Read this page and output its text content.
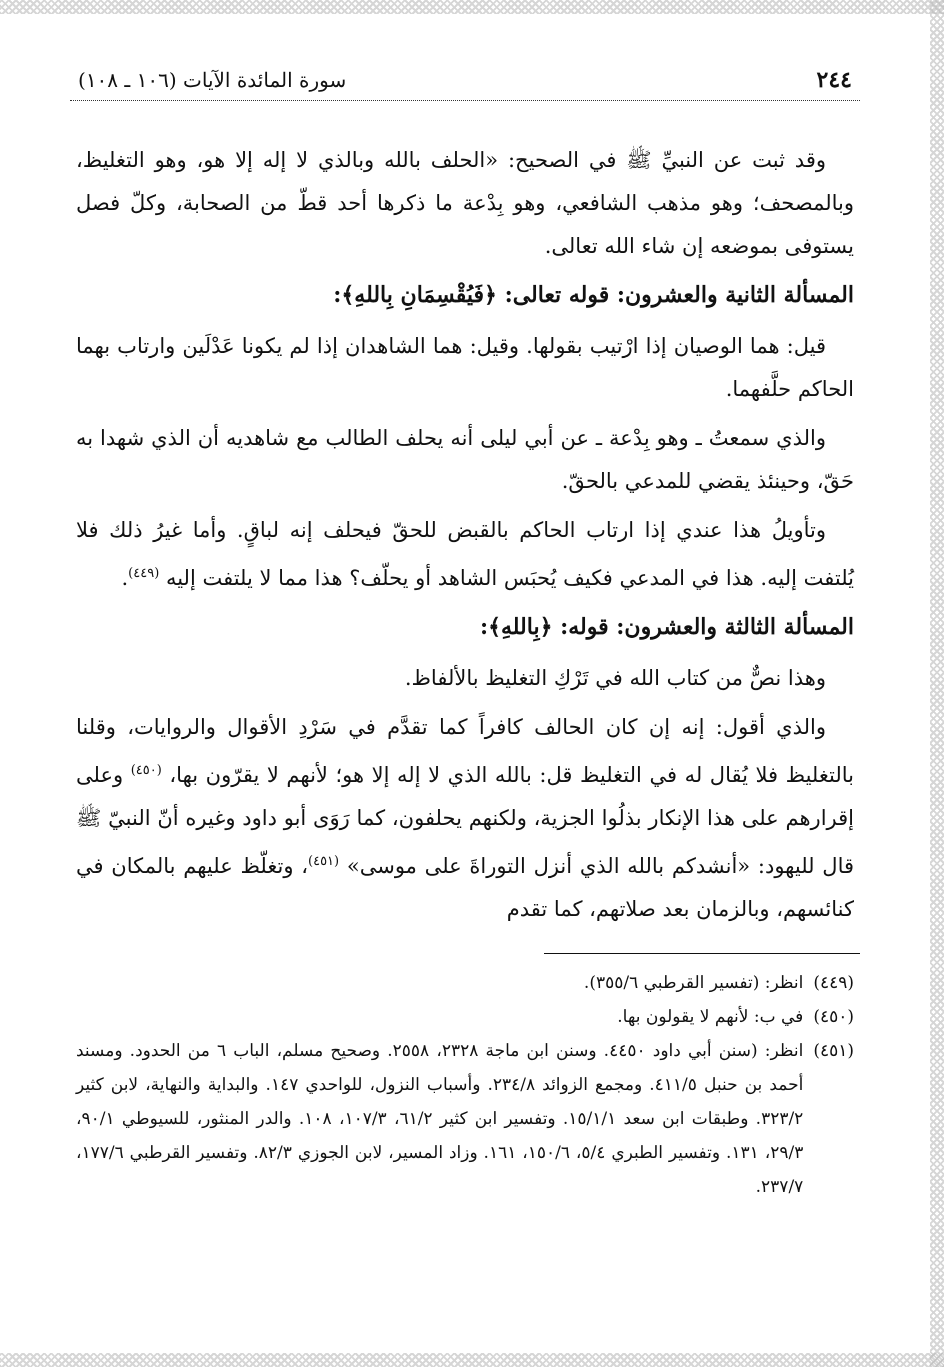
٢٤٤
سورة المائدة الآيات (١٠٦ ـ ١٠٨)

وقد ثبت عن النبيِّ ﷺ في الصحيح: «الحلف بالله وبالذي لا إله إلا هو، وهو التغليظ، وبالمصحف؛ وهو مذهب الشافعي، وهو بِدْعة ما ذكرها أحد قطّ من الصحابة، وكلّ فصل يستوفى بموضعه إن شاء الله تعالى.

المسألة الثانية والعشرون: قوله تعالى: ﴿فَيُقْسِمَانِ بِاللهِ﴾:

قيل: هما الوصيان إذا ارْتيب بقولها. وقيل: هما الشاهدان إذا لم يكونا عَدْلَين وارتاب بهما الحاكم حلَّفهما.

والذي سمعتُ ـ وهو بِدْعة ـ عن أبي ليلى أنه يحلف الطالب مع شاهديه أن الذي شهدا به حَقّ، وحينئذ يقضي للمدعي بالحقّ.

وتأويلُ هذا عندي إذا ارتاب الحاكم بالقبض للحقّ فيحلف إنه لباقٍ. وأما غيرُ ذلك فلا يُلتفت إليه. هذا في المدعي فكيف يُحبَس الشاهد أو يحلّف؟ هذا مما لا يلتفت إليه $^{(٤٤٩)}$.

المسألة الثالثة والعشرون: قوله: ﴿بِاللهِ﴾:

وهذا نصٌّ من كتاب الله في تَرْكِ التغليظ بالألفاظ.

والذي أقول: إنه إن كان الحالف كافراً كما تقدَّم في سَرْدِ الأقوال والروايات، وقلنا بالتغليظ فلا يُقال له في التغليظ قل: بالله الذي لا إله إلا هو؛ لأنهم لا يقرّون بها، $^{(٤٥٠)}$ وعلى إقرارهم على هذا الإنكار بذلُوا الجزية، ولكنهم يحلفون، كما رَوَى أبو داود وغيره أنّ النبيّ ﷺ قال لليهود: «أنشدكم بالله الذي أنزل التوراةَ على موسى» $^{(٤٥١)}$، وتغلّظ عليهم بالمكان في كنائسهم، وبالزمان بعد صلاتهم، كما تقدم

(٤٤٩)
انظر: (تفسير القرطبي ٣٥٥/٦).
(٤٥٠)
في ب: لأنهم لا يقولون بها.
(٤٥١)
انظر: (سنن أبي داود ٤٤٥٠. وسنن ابن ماجة ٢٣٢٨، ٢٥٥٨. وصحيح مسلم، الباب ٦ من الحدود. ومسند أحمد بن حنبل ٤١١/٥. ومجمع الزوائد ٢٣٤/٨. وأسباب النزول، للواحدي ١٤٧. والبداية والنهاية، لابن كثير ٣٢٣/٢. وطبقات ابن سعد ١٥/١/١. وتفسير ابن كثير ٦١/٢، ١٠٧/٣، ١٠٨. والدر المنثور، للسيوطي ٩٠/١، ٢٩/٣، ١٣١. وتفسير الطبري ٥/٤، ١٥٠/٦، ١٦١. وزاد المسير، لابن الجوزي ٨٢/٣. وتفسير القرطبي ١٧٧/٦، ٢٣٧/٧.
